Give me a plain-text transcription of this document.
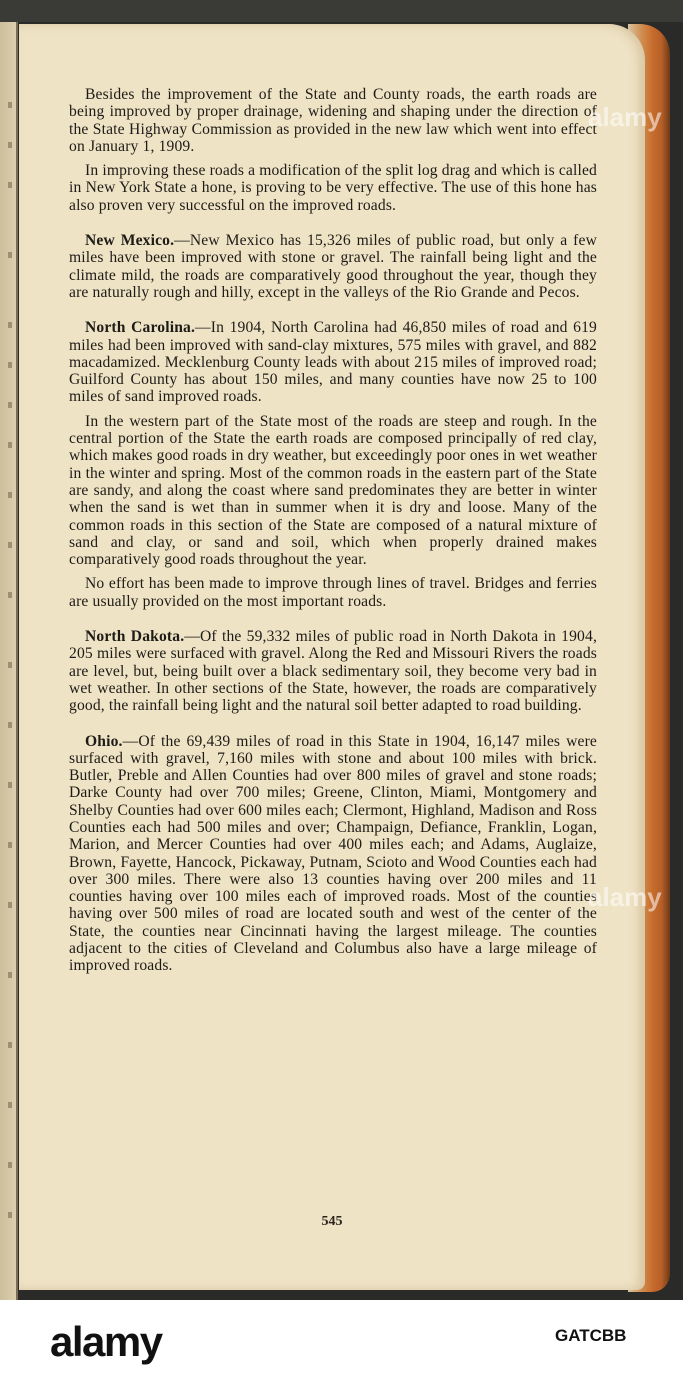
Besides the improvement of the State and County roads, the earth roads are being improved by proper drainage, widening and shaping under the direction of the State Highway Commission as provided in the new law which went into effect on January 1, 1909.

In improving these roads a modification of the split log drag and which is called in New York State a hone, is proving to be very effective. The use of this hone has also proven very successful on the improved roads.

New Mexico.—New Mexico has 15,326 miles of public road, but only a few miles have been improved with stone or gravel. The rainfall being light and the climate mild, the roads are comparatively good throughout the year, though they are naturally rough and hilly, except in the valleys of the Rio Grande and Pecos.

North Carolina.—In 1904, North Carolina had 46,850 miles of road and 619 miles had been improved with sand-clay mixtures, 575 miles with gravel, and 882 macadamized. Mecklenburg County leads with about 215 miles of improved road; Guilford County has about 150 miles, and many counties have now 25 to 100 miles of sand improved roads.

In the western part of the State most of the roads are steep and rough. In the central portion of the State the earth roads are composed principally of red clay, which makes good roads in dry weather, but exceedingly poor ones in wet weather in the winter and spring. Most of the common roads in the eastern part of the State are sandy, and along the coast where sand predominates they are better in winter when the sand is wet than in summer when it is dry and loose. Many of the common roads in this section of the State are composed of a natural mixture of sand and clay, or sand and soil, which when properly drained makes comparatively good roads throughout the year.

No effort has been made to improve through lines of travel. Bridges and ferries are usually provided on the most important roads.

North Dakota.—Of the 59,332 miles of public road in North Dakota in 1904, 205 miles were surfaced with gravel. Along the Red and Missouri Rivers the roads are level, but, being built over a black sedimentary soil, they become very bad in wet weather. In other sections of the State, however, the roads are comparatively good, the rainfall being light and the natural soil better adapted to road building.

Ohio.—Of the 69,439 miles of road in this State in 1904, 16,147 miles were surfaced with gravel, 7,160 miles with stone and about 100 miles with brick. Butler, Preble and Allen Counties had over 800 miles of gravel and stone roads; Darke County had over 700 miles; Greene, Clinton, Miami, Montgomery and Shelby Counties had over 600 miles each; Clermont, Highland, Madison and Ross Counties each had 500 miles and over; Champaign, Defiance, Franklin, Logan, Marion, and Mercer Counties had over 400 miles each; and Adams, Auglaize, Brown, Fayette, Hancock, Pickaway, Putnam, Scioto and Wood Counties each had over 300 miles. There were also 13 counties having over 200 miles and 11 counties having over 100 miles each of improved roads. Most of the counties having over 500 miles of road are located south and west of the center of the State, the counties near Cincinnati having the largest mileage. The counties adjacent to the cities of Cleveland and Columbus also have a large mileage of improved roads.

545
alamy
alamy
alamy	GATCBB
